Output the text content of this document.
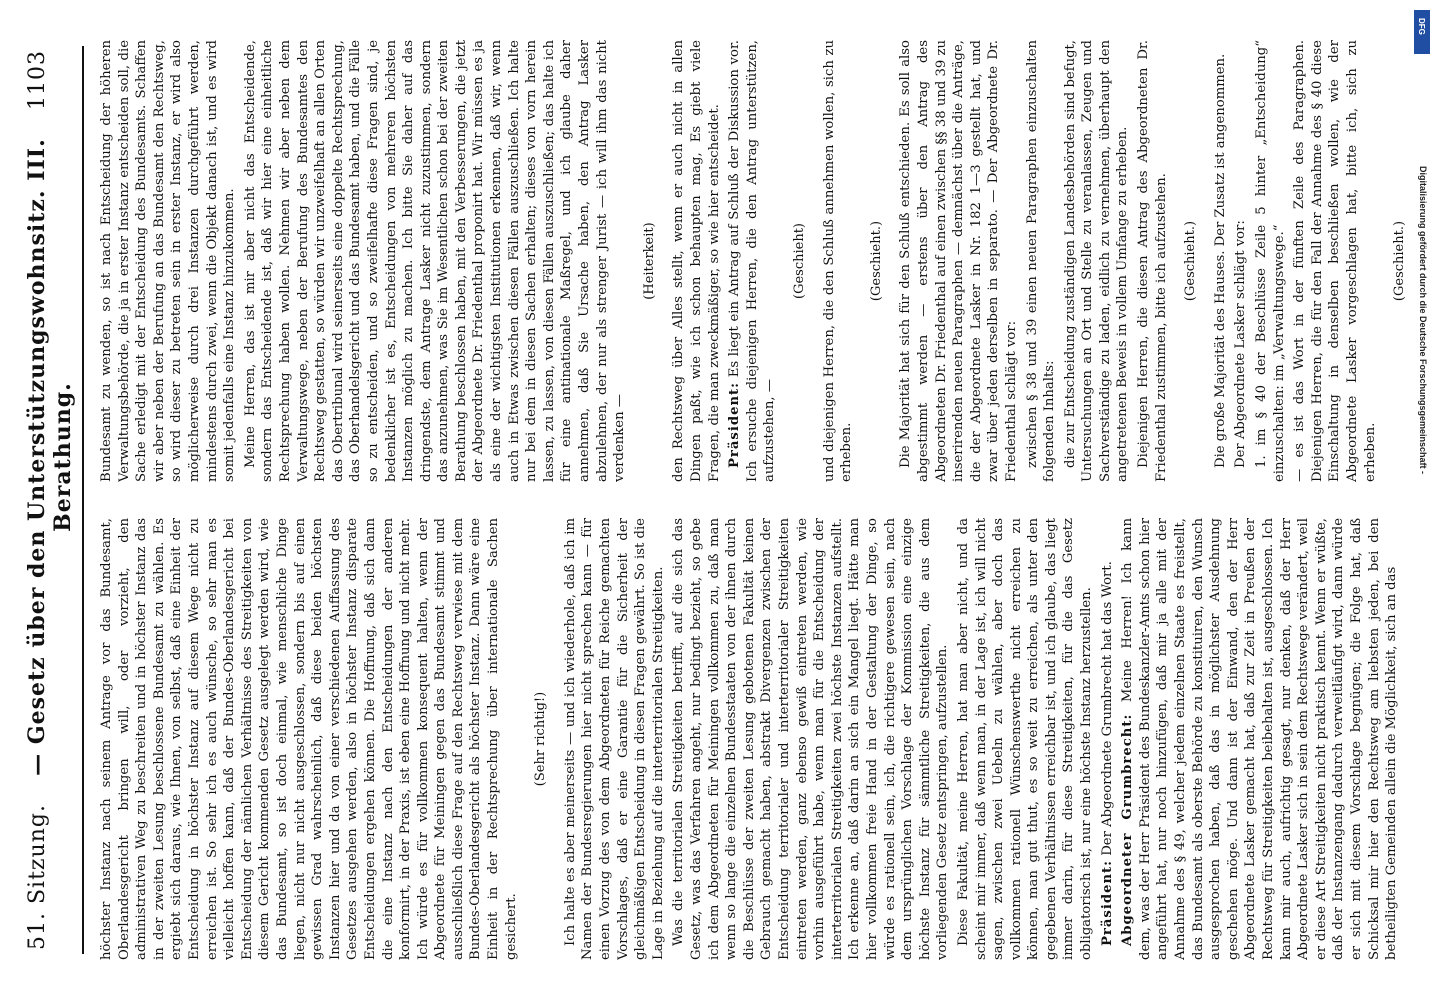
51. Sitzung.
— Gesetz über den Unterstützungswohnsitz. III. Berathung.
1103

höchster Instanz nach seinem Antrage vor das Bundesamt, Oberlandesgericht bringen will, oder vorzieht, den administrativen Weg zu beschreiten und in höchster Instanz das in der zweiten Lesung beschlossene Bundesamt zu wählen. Es ergiebt sich daraus, wie Ihnen, von selbst, daß eine Einheit der Entscheidung in höchster Instanz auf diesem Wege nicht zu erreichen ist. So sehr ich es auch wünsche, so sehr man es vielleicht hoffen kann, daß der Bundes-Oberlandesgericht bei Entscheidung der nämlichen Verhältnisse des Streitigkeiten von diesem Gericht kommenden Gesetz ausgelegt werden wird, wie das Bundesamt, so ist doch einmal, wie menschliche Dinge liegen, nicht nur nicht ausgeschlossen, sondern bis auf einen gewissen Grad wahrscheinlich, daß diese beiden höchsten Instanzen hier und da von einer verschiedenen Auffassung des Gesetzes ausgehen werden, also in höchster Instanz disparate Entscheidungen ergehen können. Die Hoffnung, daß sich dann die eine Instanz nach den Entscheidungen der anderen konformirt, in der Praxis, ist eben eine Hoffnung und nicht mehr. Ich würde es für vollkommen konsequent halten, wenn der Abgeordnete für Meiningen gegen das Bundesamt stimmt und ausschließlich diese Frage auf den Rechtsweg verwiese mit dem Bundes-Oberlandesgericht als höchster Instanz. Dann wäre eine Einheit in der Rechtsprechung über internationale Sachen gesichert.

(Sehr richtig!) Ich halte es aber meinerseits — und ich wiederhole, daß ich im Namen der Bundesregierungen hier nicht sprechen kann — für einen Vorzug des von dem Abgeordneten für Reiche gemachten Vorschlages, daß er eine Garantie für die Sicherheit der gleichmäßigen Entscheidung in diesen Fragen gewährt. So ist die Lage in Beziehung auf die interterritorialen Streitigkeiten. Was die territorialen Streitigkeiten betrifft, auf die sich das Gesetz, was das Verfahren angeht, nur bedingt bezieht, so gebe ich dem Abgeordneten für Meiningen vollkommen zu, daß man wenn so lange die einzelnen Bundesstaaten von der ihnen durch die Beschlüsse der zweiten Lesung gebotenen Fakultät keinen Gebrauch gemacht haben, abstrakt Divergenzen zwischen der Entscheidung territorialer und interterritorialer Streitigkeiten eintreten werden, ganz ebenso gewiß eintreten werden, wie vorhin ausgeführt habe, wenn man für die Entscheidung der interterritorialen Streitigkeiten zwei höchste Instanzen aufstellt. Ich erkenne an, daß darin an sich ein Mangel liegt. Hätte man hier vollkommen freie Hand in der Gestaltung der Dinge, so würde es rationell sein, ich, die richtigere gewesen sein, nach dem ursprünglichen Vorschlage der Kommission eine einzige höchste Instanz für sämmtliche Streitigkeiten, die aus dem vorliegenden Gesetz entspringen, aufzustellen. Diese Fakultät, meine Herren, hat man aber nicht, und da scheint mir immer, daß wenn man, in der Lage ist, ich will nicht sagen, zwischen zwei Uebeln zu wählen, aber doch das vollkommen rationell Wünschenswerthe nicht erreichen zu können, man gut thut, es so weit zu erreichen, als unter den gegebenen Verhältnissen erreichbar ist, und ich glaube, das liegt immer darin, für diese Streitigkeiten, für die das Gesetz obligatorisch ist, nur eine höchste Instanz herzustellen. Präsident: Der Abgeordnete Grumbrecht hat das Wort. Abgeordneter Grumbrecht: Meine Herren! Ich kann dem, was der Herr Präsident des Bundeskanzler-Amts schon hier angeführt hat, nur noch hinzufügen, daß mir ja alle mit der Annahme des § 49, welcher jedem einzelnen Staate es freistellt, das Bundesamt als oberste Behörde zu konstituiren, den Wunsch ausgesprochen haben, daß das in möglichster Ausdehnung geschehen möge. Und dann ist der Einwand, den der Herr Abgeordnete Lasker gemacht hat, daß zur Zeit in Preußen der Rechtsweg für Streitigkeiten beibehalten ist, ausgeschlossen. Ich kann mir auch, aufrichtig gesagt, nur denken, daß der Herr Abgeordnete Lasker sich in sein dem Rechtswege verändert, weil er diese Art Streitigkeiten nicht praktisch kennt. Wenn er wüßte, daß der Instanzengang dadurch verweitläufigt wird, dann würde er sich mit diesem Vorschlage begnügen; die Folge hat, daß Schicksal mir hier den Rechtsweg am liebsten jeden, bei den betheiligten Gemeinden allein die Möglichkeit, sich an das

Bundesamt zu wenden, so ist nach Entscheidung der höheren Verwaltungsbehörde, die ja in erster Instanz entscheiden soll, die Sache erledigt mit der Entscheidung des Bundesamts. Schaffen wir aber neben der Berufung an das Bundesamt den Rechtsweg, so wird dieser zu betreten sein in erster Instanz, er wird also möglicherweise durch drei Instanzen durchgeführt werden, mindestens durch zwei, wenn die Objekt danach ist, und es wird somit jedenfalls eine Instanz hinzukommen. Meine Herren, das ist mir aber nicht das Entscheidende, sondern das Entscheidende ist, daß wir hier eine einheitliche Rechtsprechung haben wollen. Nehmen wir aber neben dem Verwaltungswege, neben der Berufung des Bundesamtes den Rechtsweg gestatten, so würden wir unzweifelhaft an allen Orten das Obertribunal wird seinerseits eine doppelte Rechtsprechung, das Oberhandelsgericht und das Bundesamt haben, und die Fälle so zu entscheiden, und so zweifelhafte diese Fragen sind, je bedenklicher ist es, Entscheidungen von mehreren höchsten Instanzen möglich zu machen. Ich bitte Sie daher auf das dringendste, dem Antrage Lasker nicht zuzustimmen, sondern das anzunehmen, was Sie im Wesentlichen schon bei der zweiten Berathung beschlossen haben, mit den Verbesserungen, die jetzt der Abgeordnete Dr. Friedenthal proponirt hat. Wir müssen es ja als eine der wichtigsten Institutionen erkennen, daß wir, wenn auch in Etwas zwischen diesen Fällen auszuschließen. Ich halte nur bei dem in diesen Sachen erhalten; dieses von vorn herein lassen, zu lassen, von diesen Fällen auszuschließen; das halte ich für eine antinationale Maßregel, und ich glaube daher annehmen, daß Sie Ursache haben, den Antrag Lasker abzulehnen, der nur als strenger Jurist — ich will ihm das nicht verdenken —

(Heiterkeit) den Rechtsweg über Alles stellt, wenn er auch nicht in allen Dingen paßt, wie ich schon behaupten mag, Es giebt viele Fragen, die man zweckmäßiger, so wie hier entscheidet. Präsident: Es liegt ein Antrag auf Schluß der Diskussion vor. Ich ersuche diejenigen Herren, die den Antrag unterstützen, aufzustehen, —

(Geschieht) und diejenigen Herren, die den Schluß annehmen wollen, sich zu erheben.

(Geschieht.) Die Majorität hat sich für den Schluß entschieden. Es soll also abgestimmt werden — erstens über den Antrag des Abgeordneten Dr. Friedenthal auf einen zwischen §§ 38 und 39 zu inserirenden neuen Paragraphen — demnächst über die Anträge, die der Abgeordnete Lasker in Nr. 182 1—3 gestellt hat, und zwar über jeden derselben in separato. — Der Abgeordnete Dr. Friedenthal schlägt vor: zwischen § 38 und 39 einen neuen Paragraphen einzuschalten folgenden Inhalts: die zur Entscheidung zuständigen Landesbehörden sind befugt, Untersuchungen an Ort und Stelle zu veranlassen, Zeugen und Sachverständige zu laden, eidlich zu vernehmen, überhaupt den angetretenen Beweis in vollem Umfange zu erheben. Diejenigen Herren, die diesen Antrag des Abgeordneten Dr. Friedenthal zustimmen, bitte ich aufzustehen. (Geschieht.) Die große Majorität des Hauses. Der Zusatz ist angenommen. Der Abgeordnete Lasker schlägt vor: 1. im § 40 der Beschlüsse Zeile 5 hinter „Entscheidung“ einzuschalten: im „Verwaltungswege.“ — es ist das Wort in der fünften Zeile des Paragraphen. Diejenigen Herren, die für den Fall der Annahme des § 40 diese Einschaltung in denselben beschließen wollen, wie der Abgeordnete Lasker vorgeschlagen hat, bitte ich, sich zu erheben.

(Geschieht.)

DFG
Digitalisierung gefördert durch die Deutsche Forschungsgemeinschaft -
